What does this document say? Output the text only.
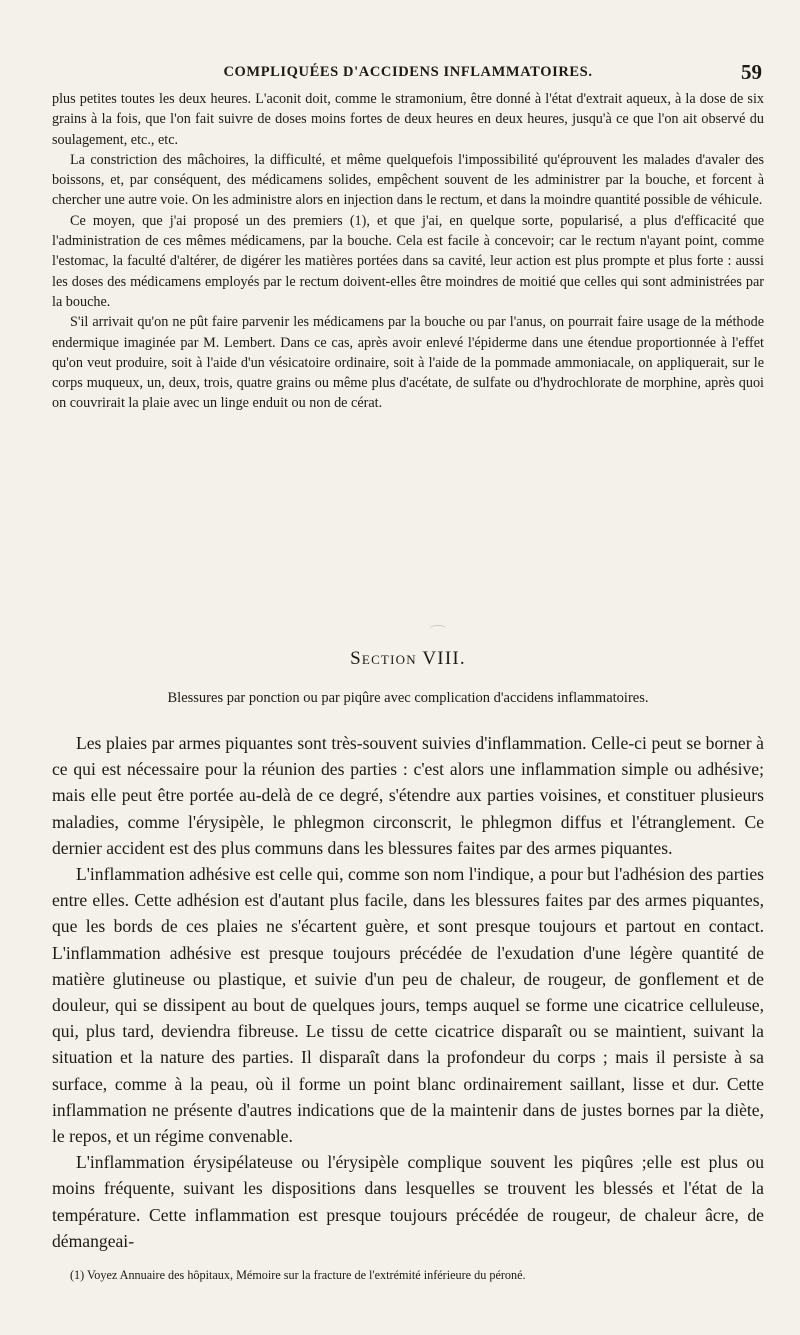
COMPLIQUÉES D'ACCIDENS INFLAMMATOIRES.	59

plus petites toutes les deux heures. L'aconit doit, comme le stramonium, être donné à l'état d'extrait aqueux, à la dose de six grains à la fois, que l'on fait suivre de doses moins fortes de deux heures en deux heures, jusqu'à ce que l'on ait observé du soulagement, etc., etc.

La constriction des mâchoires, la difficulté, et même quelquefois l'impossibilité qu'éprouvent les malades d'avaler des boissons, et, par conséquent, des médicamens solides, empêchent souvent de les administrer par la bouche, et forcent à chercher une autre voie. On les administre alors en injection dans le rectum, et dans la moindre quantité possible de véhicule.

Ce moyen, que j'ai proposé un des premiers (1), et que j'ai, en quelque sorte, popularisé, a plus d'efficacité que l'administration de ces mêmes médicamens, par la bouche. Cela est facile à concevoir; car le rectum n'ayant point, comme l'estomac, la faculté d'altérer, de digérer les matières portées dans sa cavité, leur action est plus prompte et plus forte : aussi les doses des médicamens employés par le rectum doivent-elles être moindres de moitié que celles qui sont administrées par la bouche.

S'il arrivait qu'on ne pût faire parvenir les médicamens par la bouche ou par l'anus, on pourrait faire usage de la méthode endermique imaginée par M. Lembert. Dans ce cas, après avoir enlevé l'épiderme dans une étendue proportionnée à l'effet qu'on veut produire, soit à l'aide d'un vésicatoire ordinaire, soit à l'aide de la pommade ammoniacale, on appliquerait, sur le corps muqueux, un, deux, trois, quatre grains ou même plus d'acétate, de sulfate ou d'hydrochlorate de morphine, après quoi on couvrirait la plaie avec un linge enduit ou non de cérat.

Section VIII.
Blessures par ponction ou par piqûre avec complication d'accidens inflammatoires.

Les plaies par armes piquantes sont très-souvent suivies d'inflammation. Celle-ci peut se borner à ce qui est nécessaire pour la réunion des parties : c'est alors une inflammation simple ou adhésive; mais elle peut être portée au-delà de ce degré, s'étendre aux parties voisines, et constituer plusieurs maladies, comme l'érysipèle, le phlegmon circonscrit, le phlegmon diffus et l'étranglement. Ce dernier accident est des plus communs dans les blessures faites par des armes piquantes.

L'inflammation adhésive est celle qui, comme son nom l'indique, a pour but l'adhésion des parties entre elles. Cette adhésion est d'autant plus facile, dans les blessures faites par des armes piquantes, que les bords de ces plaies ne s'écartent guère, et sont presque toujours et partout en contact. L'inflammation adhésive est presque toujours précédée de l'exudation d'une légère quantité de matière glutineuse ou plastique, et suivie d'un peu de chaleur, de rougeur, de gonflement et de douleur, qui se dissipent au bout de quelques jours, temps auquel se forme une cicatrice celluleuse, qui, plus tard, deviendra fibreuse. Le tissu de cette cicatrice disparaît ou se maintient, suivant la situation et la nature des parties. Il disparaît dans la profondeur du corps ; mais il persiste à sa surface, comme à la peau, où il forme un point blanc ordinairement saillant, lisse et dur. Cette inflammation ne présente d'autres indications que de la maintenir dans de justes bornes par la diète, le repos, et un régime convenable.

L'inflammation érysipélateuse ou l'érysipèle complique souvent les piqûres ;elle est plus ou moins fréquente, suivant les dispositions dans lesquelles se trouvent les blessés et l'état de la température. Cette inflammation est presque toujours précédée de rougeur, de chaleur âcre, de démangeai-

(1) Voyez Annuaire des hôpitaux, Mémoire sur la fracture de l'extrémité inférieure du péroné.
